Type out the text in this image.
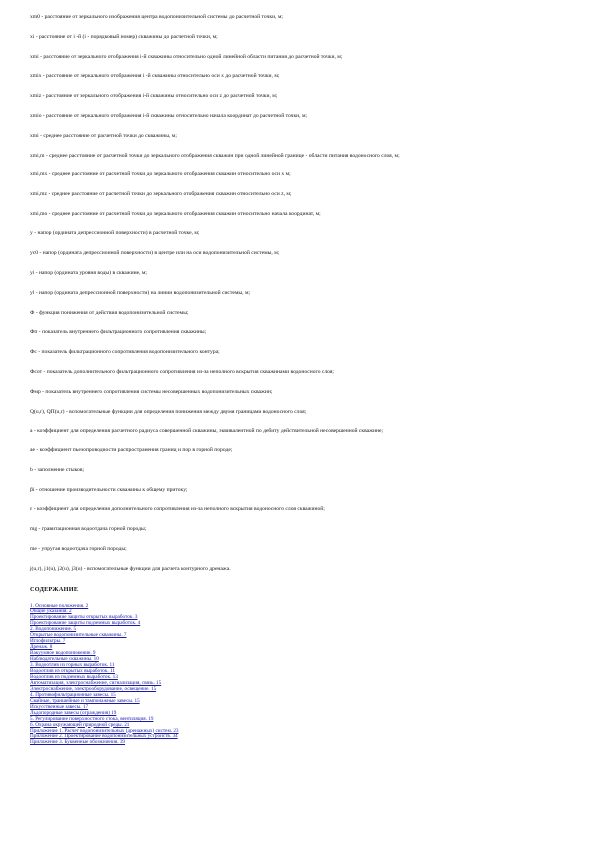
xm0 - расстояние от зеркального изображения центра водопонизительной системы до расчетной точки, м;
xi - расстояние от i -й (i - порядковый номер) скважины до расчетной точки, м;
xmi - расстояние от зеркального отображения i-й скважины относительно одной линейной области питания до расчетной точки, м;
xmix - расстояние от зеркального отображения i -й скважины относительно оси х до расчетной точки, м;
xmiz - расстояние от зеркального отображения i-й скважины относительно оси z до расчетной точки, м;
xmio - расстояние от зеркального отображения i-й скважины относительно начала координат до расчетной точки, м;
xmi - среднее расстояние от расчетной точки до скважины, м;
xmi,m - среднее расстояние от расчетной точки до зеркального отображения скважин при одной линейной границе - области питания водоносного слоя, м;
xmi,mx - среднее расстояние от расчетной точки до зеркального отображения скважин относительно оси х м;
xmi,mz - среднее расстояние от расчетной точки до зеркального отображения скважин относительно оси z, м;
xmi,mo - среднее расстояние от расчетной точки до зеркального отображения скважин относительно начала координат, м;
y - напор (ордината депрессионной поверхности) в расчетной точке, м;
yc0 - напор (ордината депрессионной поверхности) в центре или на оси водопонизительной системы, м;
yi - напор (ордината уровня воды) в скважине, м;
yl - напор (ордината депрессионной поверхности) на линии водопонизительной системы, м;
Ф - функция понижения от действия водопонизительной системы;
Фп - показатель внутреннего фильтрационного сопротивления скважины;
Фс - показатель фильтрационного сопротивления водопонизительного контура;
Фсот - показатель дополнительного фильтрационного сопротивления из-за неполного вскрытия скважинами водоносного слоя;
Фмр - показатель внутреннего сопротивления системы несовершенных водопонизительных скважин;
Q(u,r), QП(u,r) - вспомогательные функции для определения понижения между двумя границами водоносного слоя;
a - коэффициент для определения расчетного радиуса совершенной скважины, эквивалентной по дебиту действительной несовершенной скважине;
ae - коэффициент пьезопроводности распространения границ и пор в горной породе;
b - заполнение стыков;
βi - отношение производительности скважины к общему притоку;
ε - коэффициент для определения дополнительного сопротивления из-за неполного вскрытия водоносного слоя скважиной;
mg - гравитационная водоотдача горной породы;
me - упругая водоотдача горной породы;
j(u,r), j1(u), j2(u), j3(u) - вспомогательные функции для расчета контурного дренажа.
СОДЕРЖАНИЕ
1. Основные положения. 2
Общие указания. 2
Проектирование защиты открытых выработок. 3
Проектирование защиты подземных выработок. 4
2. Водопонижение. 5
Открытые водопонизительные скважины. 7
Иглофильтры. 7
Дренаж. 8
Вакуумное водопонижение. 9
Наблюдательные скважины. 10
3. Водоотлив из горных выработок. 11
Водоотлив из открытых выработок. 11
Водоотлив из подземных выработок. 13
Автоматизация, электроснабжение, сигнализация, связь. 15
Электроснабжение, электрооборудование, освещение. 15
4. Противофильтрационные завесы. 15
Свайные, траншейные и тампонажные завесы. 15
Искусственные завесы. 17
Льдопородные завесы (ограждения) 19
5. Регулирование поверхностного стока, вентиляция. 19
6. Охрана окружающей природной среды. 21
Приложение 1. Расчет водопонизительных (дренажных) систем. 23
Приложение 2. Проектирование водопонизительных устройств. 34
Приложение 3. Буквенные обозначения. 39
